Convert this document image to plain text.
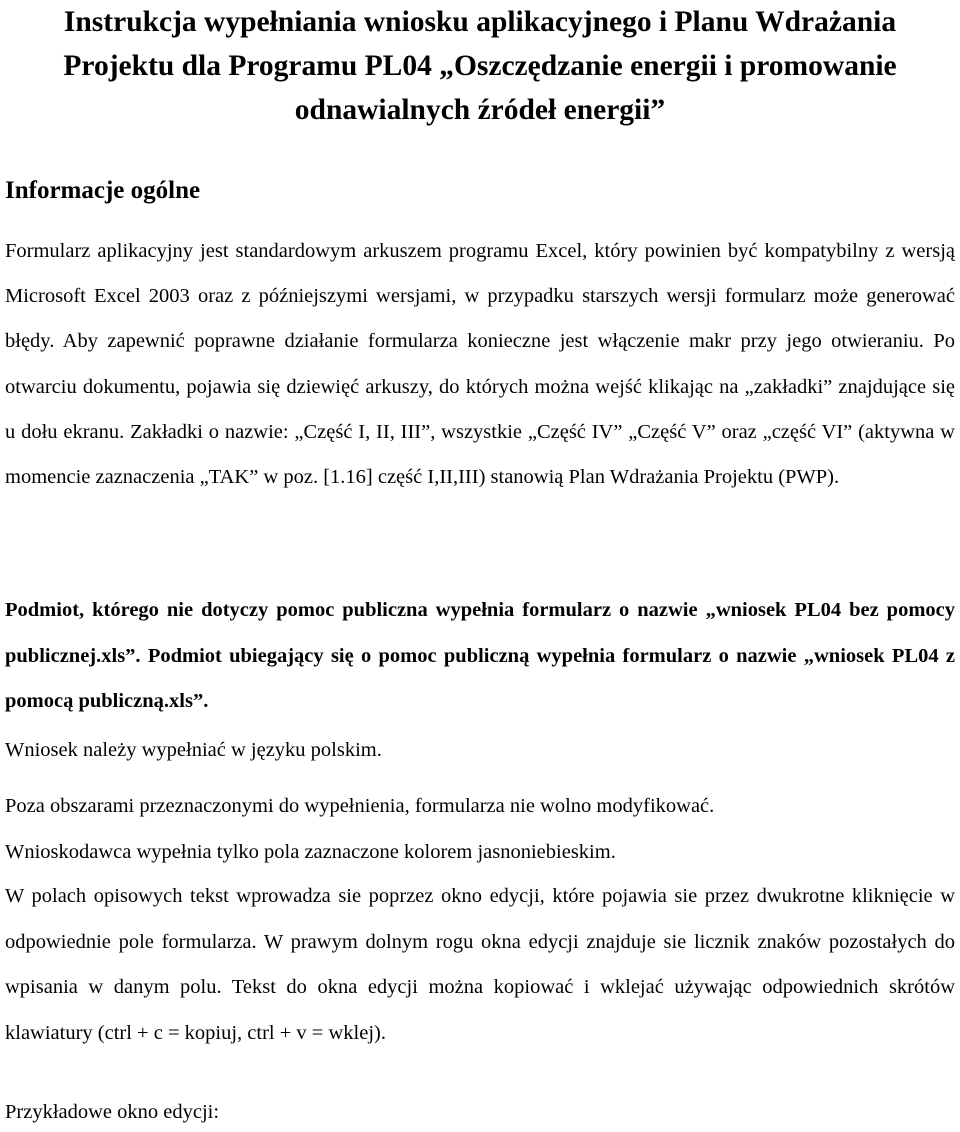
Instrukcja wypełniania wniosku aplikacyjnego i Planu Wdrażania Projektu dla Programu PL04 „Oszczędzanie energii i promowanie odnawialnych źródeł energii”
Informacje ogólne

Formularz aplikacyjny jest standardowym arkuszem programu Excel, który powinien być kompatybilny z wersją Microsoft Excel 2003 oraz z późniejszymi wersjami, w przypadku starszych wersji formularz może generować błędy. Aby zapewnić poprawne działanie formularza konieczne jest włączenie makr przy jego otwieraniu. Po otwarciu dokumentu, pojawia się dziewięć arkuszy, do których można wejść klikając na „zakładki” znajdujące się u dołu ekranu. Zakładki o nazwie: „Część I, II, III”, wszystkie „Część IV” „Część V” oraz „część VI” (aktywna w momencie zaznaczenia „TAK” w poz. [1.16] część I,II,III) stanowią Plan Wdrażania Projektu (PWP).

Podmiot, którego nie dotyczy pomoc publiczna wypełnia formularz o nazwie „wniosek PL04 bez pomocy publicznej.xls”. Podmiot ubiegający się o pomoc publiczną wypełnia formularz o nazwie „wniosek PL04 z pomocą publiczną.xls”.

Wniosek należy wypełniać w języku polskim.

Poza obszarami przeznaczonymi do wypełnienia, formularza nie wolno modyfikować.

Wnioskodawca wypełnia tylko pola zaznaczone kolorem jasnoniebieskim.

W polach opisowych tekst wprowadza sie poprzez okno edycji, które pojawia sie przez dwukrotne kliknięcie w odpowiednie pole formularza. W prawym dolnym rogu okna edycji znajduje sie licznik znaków pozostałych do wpisania w danym polu. Tekst do okna edycji można kopiować i wklejać używając odpowiednich skrótów klawiatury (ctrl + c = kopiuj, ctrl + v = wklej).

Przykładowe okno edycji:
